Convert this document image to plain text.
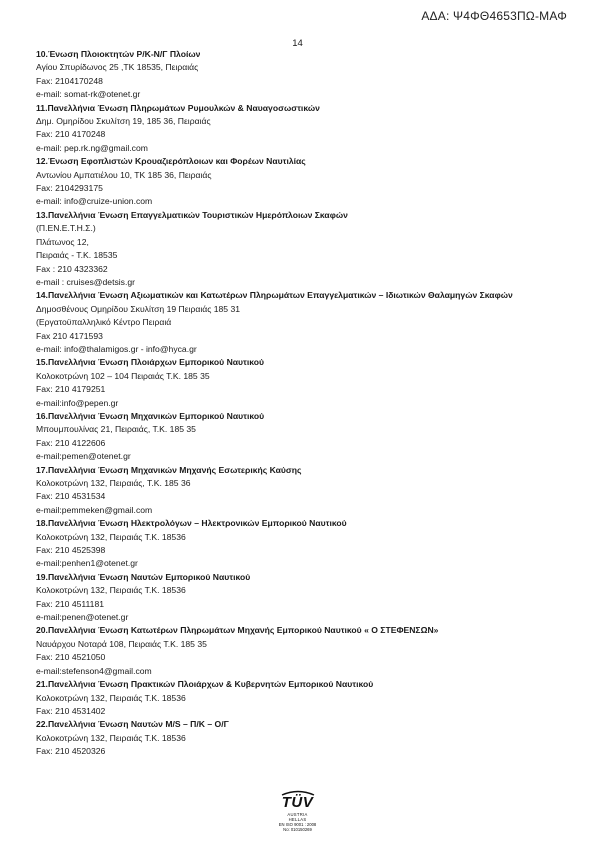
ΑΔΑ: Ψ4ΦΘ4653ΠΩ-ΜΑΦ
14
10.Ένωση Πλοιοκτητών Ρ/Κ-Ν/Γ Πλοίων
Αγίου Σπυρίδωνος 25 ,ΤΚ 18535, Πειραιάς
Fax: 2104170248
e-mail: somat-rk@otenet.gr
11.Πανελλήνια Ένωση Πληρωμάτων Ρυμουλκών & Ναυαγοσωστικών
Δημ. Ομηρίδου Σκυλίτση 19, 185 36, Πειραιάς
Fax: 210 4170248
e-mail: pep.rk.ng@gmail.com
12.Ένωση Εφοπλιστών Κρουαζιερόπλοιων και Φορέων Ναυτιλίας
Αντωνίου Αμπατιέλου 10, ΤΚ 185 36, Πειραιάς
Fax: 2104293175
e-mail: info@cruize-union.com
13.Πανελλήνια Ένωση Επαγγελματικών Τουριστικών Ημερόπλοιων Σκαφών
(Π.ΕΝ.Ε.Τ.Η.Σ.)
Πλάτωνος 12,
Πειραιάς - Τ.Κ. 18535
Fax : 210 4323362
e-mail : cruises@detsis.gr
14.Πανελλήνια Ένωση Αξιωματικών και Κατωτέρων Πληρωμάτων Επαγγελματικών – Ιδιωτικών Θαλαμηγών Σκαφών
Δημοσθένους Ομηρίδου Σκυλίτση 19 Πειραιάς 185 31
(Εργατοϋπαλληλικό Κέντρο Πειραιά
Fax 210 4171593
e-mail: info@thalamigos.gr - info@hyca.gr
15.Πανελλήνια Ένωση Πλοιάρχων Εμπορικού Ναυτικού
Κολοκοτρώνη 102 – 104 Πειραιάς Τ.Κ. 185 35
Fax: 210 4179251
e-mail:info@pepen.gr
16.Πανελλήνια Ένωση Μηχανικών Εμπορικού Ναυτικού
Μπουμπουλίνας 21, Πειραιάς, Τ.Κ. 185 35
Fax: 210 4122606
e-mail:pemen@otenet.gr
17.Πανελλήνια Ένωση Μηχανικών Μηχανής Εσωτερικής Καύσης
Κολοκοτρώνη 132, Πειραιάς, Τ.Κ. 185 36
Fax: 210 4531534
e-mail:pemmeken@gmail.com
18.Πανελλήνια Ένωση Ηλεκτρολόγων – Ηλεκτρονικών Εμπορικού Ναυτικού
Κολοκοτρώνη 132, Πειραιάς Τ.Κ. 18536
Fax: 210 4525398
e-mail:penhen1@otenet.gr
19.Πανελλήνια Ένωση Ναυτών Εμπορικού Ναυτικού
Κολοκοτρώνη 132, Πειραιάς Τ.Κ. 18536
Fax: 210 4511181
e-mail:penen@otenet.gr
20.Πανελλήνια Ένωση Κατωτέρων Πληρωμάτων Μηχανής Εμπορικού Ναυτικού « Ο ΣΤΕΦΕΝΣΩΝ»
Ναυάρχου Νοταρά 108, Πειραιάς Τ.Κ. 185 35
Fax: 210 4521050
e-mail:stefenson4@gmail.com
21.Πανελλήνια Ένωση Πρακτικών Πλοιάρχων & Κυβερνητών Εμπορικού Ναυτικού
Κολοκοτρώνη 132, Πειραιάς Τ.Κ. 18536
Fax: 210 4531402
22.Πανελλήνια Ένωση Ναυτών Μ/S – Π/Κ – Ο/Γ
Κολοκοτρώνη 132, Πειραιάς Τ.Κ. 18536
Fax: 210 4520326
TÜV
AUSTRIA
HELLAS
EN ISO 9001 : 2008
No: 010150269
